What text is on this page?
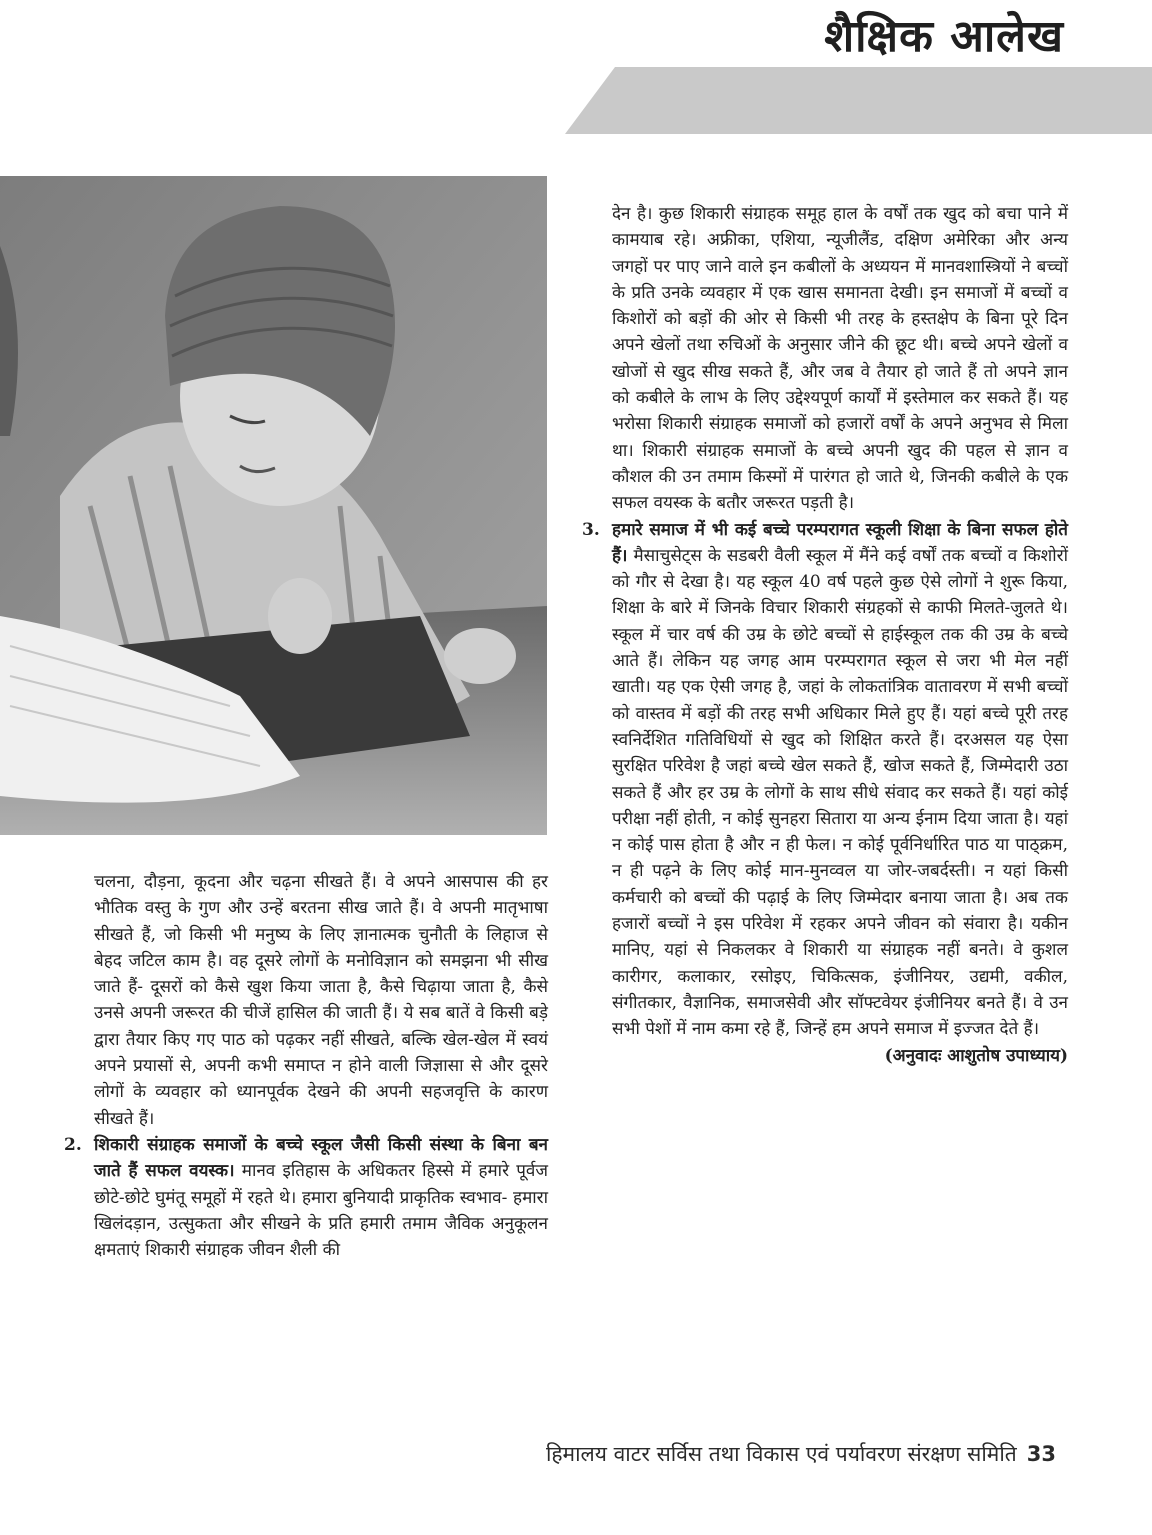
शैक्षिक आलेख

चलना, दौड़ना, कूदना और चढ़ना सीखते हैं। वे अपने आसपास की हर भौतिक वस्तु के गुण और उन्हें बरतना सीख जाते हैं। वे अपनी मातृभाषा सीखते हैं, जो किसी भी मनुष्य के लिए ज्ञानात्मक चुनौती के लिहाज से बेहद जटिल काम है। वह दूसरे लोगों के मनोविज्ञान को समझना भी सीख जाते हैं- दूसरों को कैसे खुश किया जाता है, कैसे चिढ़ाया जाता है, कैसे उनसे अपनी जरूरत की चीजें हासिल की जाती हैं। ये सब बातें वे किसी बड़े द्वारा तैयार किए गए पाठ को पढ़कर नहीं सीखते, बल्कि खेल-खेल में स्वयं अपने प्रयासों से, अपनी कभी समाप्त न होने वाली जिज्ञासा से और दूसरे लोगों के व्यवहार को ध्यानपूर्वक देखने की अपनी सहजवृत्ति के कारण सीखते हैं।

2. शिकारी संग्राहक समाजों के बच्चे स्कूल जैसी किसी संस्था के बिना बन जाते हैं सफल वयस्क। मानव इतिहास के अधिकतर हिस्से में हमारे पूर्वज छोटे-छोटे घुमंतू समूहों में रहते थे। हमारा बुनियादी प्राकृतिक स्वभाव- हमारा खिलंदड़ान, उत्सुकता और सीखने के प्रति हमारी तमाम जैविक अनुकूलन क्षमताएं शिकारी संग्राहक जीवन शैली की

देन है। कुछ शिकारी संग्राहक समूह हाल के वर्षों तक खुद को बचा पाने में कामयाब रहे। अफ्रीका, एशिया, न्यूजीलैंड, दक्षिण अमेरिका और अन्य जगहों पर पाए जाने वाले इन कबीलों के अध्ययन में मानवशास्त्रियों ने बच्चों के प्रति उनके व्यवहार में एक खास समानता देखी। इन समाजों में बच्चों व किशोरों को बड़ों की ओर से किसी भी तरह के हस्तक्षेप के बिना पूरे दिन अपने खेलों तथा रुचिओं के अनुसार जीने की छूट थी। बच्चे अपने खेलों व खोजों से खुद सीख सकते हैं, और जब वे तैयार हो जाते हैं तो अपने ज्ञान को कबीले के लाभ के लिए उद्देश्यपूर्ण कार्यों में इस्तेमाल कर सकते हैं। यह भरोसा शिकारी संग्राहक समाजों को हजारों वर्षों के अपने अनुभव से मिला था। शिकारी संग्राहक समाजों के बच्चे अपनी खुद की पहल से ज्ञान व कौशल की उन तमाम किस्मों में पारंगत हो जाते थे, जिनकी कबीले के एक सफल वयस्क के बतौर जरूरत पड़ती है।

3. हमारे समाज में भी कई बच्चे परम्परागत स्कूली शिक्षा के बिना सफल होते हैं। मैसाचुसेट्स के सडबरी वैली स्कूल में मैंने कई वर्षों तक बच्चों व किशोरों को गौर से देखा है। यह स्कूल 40 वर्ष पहले कुछ ऐसे लोगों ने शुरू किया, शिक्षा के बारे में जिनके विचार शिकारी संग्रहकों से काफी मिलते-जुलते थे। स्कूल में चार वर्ष की उम्र के छोटे बच्चों से हाईस्कूल तक की उम्र के बच्चे आते हैं। लेकिन यह जगह आम परम्परागत स्कूल से जरा भी मेल नहीं खाती। यह एक ऐसी जगह है, जहां के लोकतांत्रिक वातावरण में सभी बच्चों को वास्तव में बड़ों की तरह सभी अधिकार मिले हुए हैं। यहां बच्चे पूरी तरह स्वनिर्देशित गतिविधियों से खुद को शिक्षित करते हैं। दरअसल यह ऐसा सुरक्षित परिवेश है जहां बच्चे खेल सकते हैं, खोज सकते हैं, जिम्मेदारी उठा सकते हैं और हर उम्र के लोगों के साथ सीधे संवाद कर सकते हैं। यहां कोई परीक्षा नहीं होती, न कोई सुनहरा सितारा या अन्य ईनाम दिया जाता है। यहां न कोई पास होता है और न ही फेल। न कोई पूर्वनिर्धारित पाठ या पाठ्क्रम, न ही पढ़ने के लिए कोई मान-मुनव्वल या जोर-जबर्दस्ती। न यहां किसी कर्मचारी को बच्चों की पढ़ाई के लिए जिम्मेदार बनाया जाता है। अब तक हजारों बच्चों ने इस परिवेश में रहकर अपने जीवन को संवारा है। यकीन मानिए, यहां से निकलकर वे शिकारी या संग्राहक नहीं बनते। वे कुशल कारीगर, कलाकार, रसोइए, चिकित्सक, इंजीनियर, उद्यमी, वकील, संगीतकार, वैज्ञानिक, समाजसेवी और सॉफ्टवेयर इंजीनियर बनते हैं। वे उन सभी पेशों में नाम कमा रहे हैं, जिन्हें हम अपने समाज में इज्जत देते हैं।

(अनुवादः आशुतोष उपाध्याय)

हिमालय वाटर सर्विस तथा विकास एवं पर्यावरण संरक्षण समिति 33
